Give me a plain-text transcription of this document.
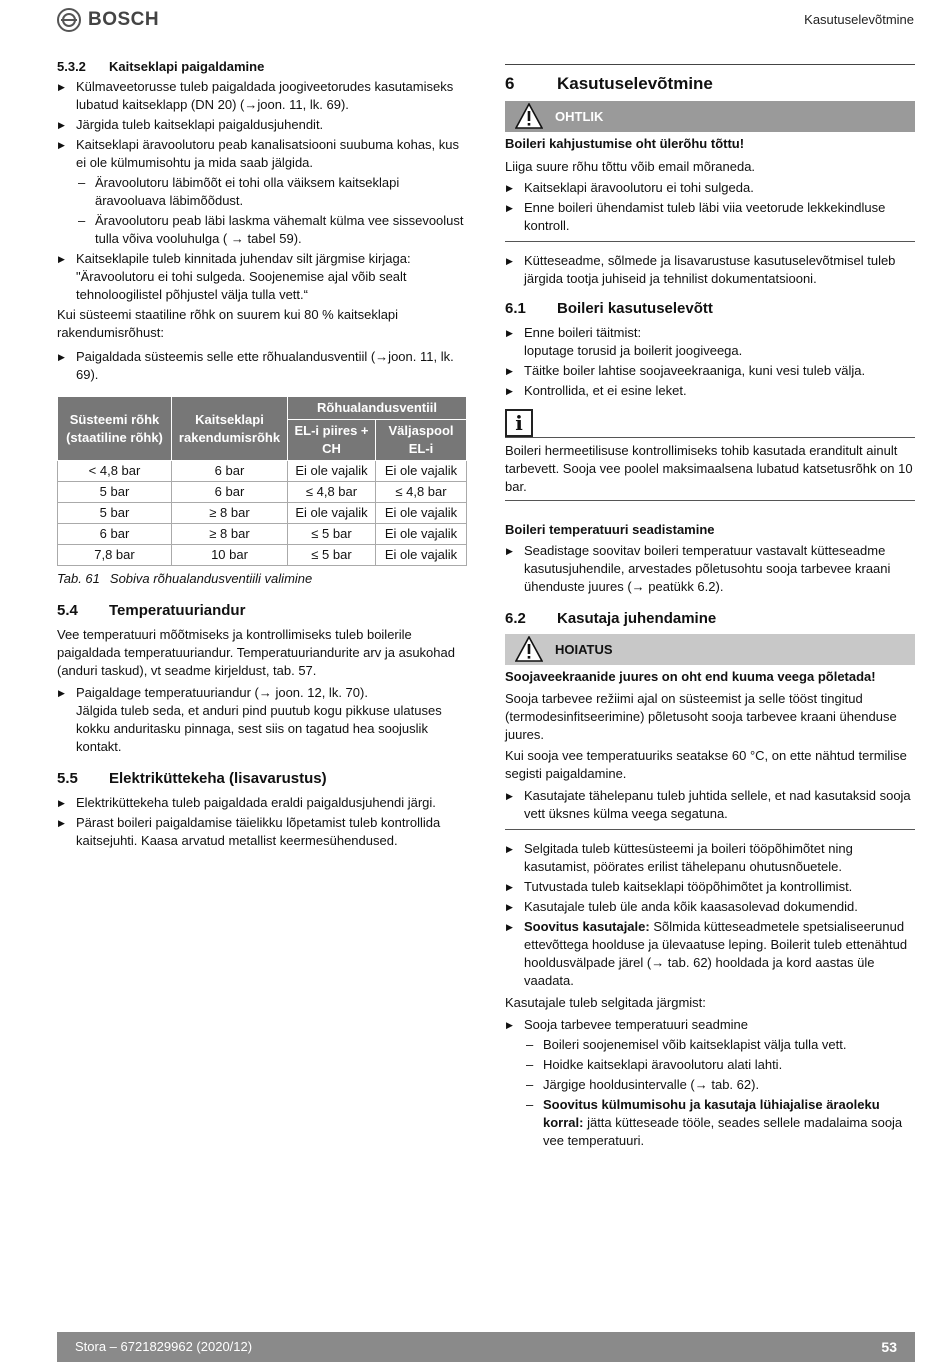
BOSCH	Kasutuselevõtmine
5.3.2	Kaitseklapi paigaldamine
▶ Külmaveetorusse tuleb paigaldada joogiveetorudes kasutamiseks lubatud kaitseklapp (DN 20) (→joon. 11, lk. 69).
▶ Järgida tuleb kaitseklapi paigaldusjuhendit.
▶ Kaitseklapi äravoolutoru peab kanalisatsiooni suubuma kohas, kus ei ole külmumisohtu ja mida saab jälgida.
– Äravoolutoru läbimõõt ei tohi olla väiksem kaitseklapi äravooluava läbimõõdust.
– Äravoolutoru peab läbi laskma vähemalt külma vee sissevoolust tulla võiva vooluhulga ( → tabel 59).
▶ Kaitseklapile tuleb kinnitada juhendav silt järgmise kirjaga: "Äravoolutoru ei tohi sulgeda. Soojenemise ajal võib sealt tehnoloogilistel põhjustel välja tulla vett.“

Kui süsteemi staatiline rõhk on suurem kui 80 % kaitseklapi rakendumisrõhust:

▶ Paigaldada süsteemis selle ette rõhualandusventiil (→joon. 11, lk. 69).
Süsteemi rõhk (staatiline rõhk)	Kaitseklapi rakendumisrõhk	Rõhualandusventiil	
		EL-i piires + CH	Väljaspool EL-i
< 4,8 bar	6 bar	Ei ole vajalik	Ei ole vajalik
5 bar	6 bar	≤ 4,8 bar	≤ 4,8 bar
5 bar	≥ 8 bar	Ei ole vajalik	Ei ole vajalik
6 bar	≥ 8 bar	≤ 5 bar	Ei ole vajalik
7,8 bar	10 bar	≤ 5 bar	Ei ole vajalik
Tab. 61 Sobiva rõhualandusventiili valimine
5.4	Temperatuuriandur

Vee temperatuuri mõõtmiseks ja kontrollimiseks tuleb boilerile paigaldada temperatuuriandur. Temperatuuriandurite arv ja asukohad (anduri taskud), vt seadme kirjeldust, tab. 57.

▶ Paigaldage temperatuuriandur (→ joon. 12, lk. 70).
Jälgida tuleb seda, et anduri pind puutub kogu pikkuse ulatuses kokku anduritasku pinnaga, sest siis on tagatud hea soojuslik kontakt.
5.5	Elektriküttekeha (lisavarustus)
▶ Elektriküttekeha tuleb paigaldada eraldi paigaldusjuhendi järgi.
▶ Pärast boileri paigaldamise täielikku lõpetamist tuleb kontrollida kaitsejuhti. Kaasa arvatud metallist keermesühendused.
6	Kasutuselevõtmine
OHTLIK

Boileri kahjustumise oht ülerõhu tõttu!

Liiga suure rõhu tõttu võib email mõraneda.

▶ Kaitseklapi äravoolutoru ei tohi sulgeda.
▶ Enne boileri ühendamist tuleb läbi viia veetorude lekkekindluse kontroll.
▶ Kütteseadme, sõlmede ja lisavarustuse kasutuselevõtmisel tuleb järgida tootja juhiseid ja tehnilist dokumentatsiooni.
6.1	Boileri kasutuselevõtt
▶ Enne boileri täitmist:
loputage torusid ja boilerit joogiveega.
▶ Täitke boiler lahtise soojaveekraaniga, kuni vesi tuleb välja.
▶ Kontrollida, et ei esine leket.
i

Boileri hermeetilisuse kontrollimiseks tohib kasutada eranditult ainult tarbevett. Sooja vee poolel maksimaalsena lubatud katsetusrõhk on 10 bar.

Boileri temperatuuri seadistamine

▶ Seadistage soovitav boileri temperatuur vastavalt kütteseadme kasutusjuhendile, arvestades põletusohtu sooja tarbevee kraani ühenduste juures (→ peatükk 6.2).
6.2	Kasutaja juhendamine
HOIATUS

Soojaveekraanide juures on oht end kuuma veega põletada!

Sooja tarbevee režiimi ajal on süsteemist ja selle tööst tingitud (termodesinfitseerimine) põletusoht sooja tarbevee kraani ühenduse juures.

Kui sooja vee temperatuuriks seatakse 60 °C, on ette nähtud termilise segisti paigaldamine.

▶ Kasutajate tähelepanu tuleb juhtida sellele, et nad kasutaksid sooja vett üksnes külma veega segatuna.
▶ Selgitada tuleb küttesüsteemi ja boileri tööpõhimõtet ning kasutamist, pöörates erilist tähelepanu ohutusnõuetele.
▶ Tutvustada tuleb kaitseklapi tööpõhimõtet ja kontrollimist.
▶ Kasutajale tuleb üle anda kõik kaasasolevad dokumendid.
▶ Soovitus kasutajale: Sõlmida kütteseadmetele spetsialiseerunud ettevõttega hoolduse ja ülevaatuse leping. Boilerit tuleb ettenähtud hooldusvälpade järel (→ tab. 62) hooldada ja kord aastas üle vaadata.

Kasutajale tuleb selgitada järgmist:

▶ Sooja tarbevee temperatuuri seadmine
– Boileri soojenemisel võib kaitseklapist välja tulla vett.
– Hoidke kaitseklapi äravoolutoru alati lahti.
– Järgige hooldusintervalle (→ tab. 62).
– Soovitus külmumisohu ja kasutaja lühiajalise äraoleku korral: jätta kütteseade tööle, seades sellele madalaima sooja vee temperatuuri.
Stora – 6721829962 (2020/12)	53
